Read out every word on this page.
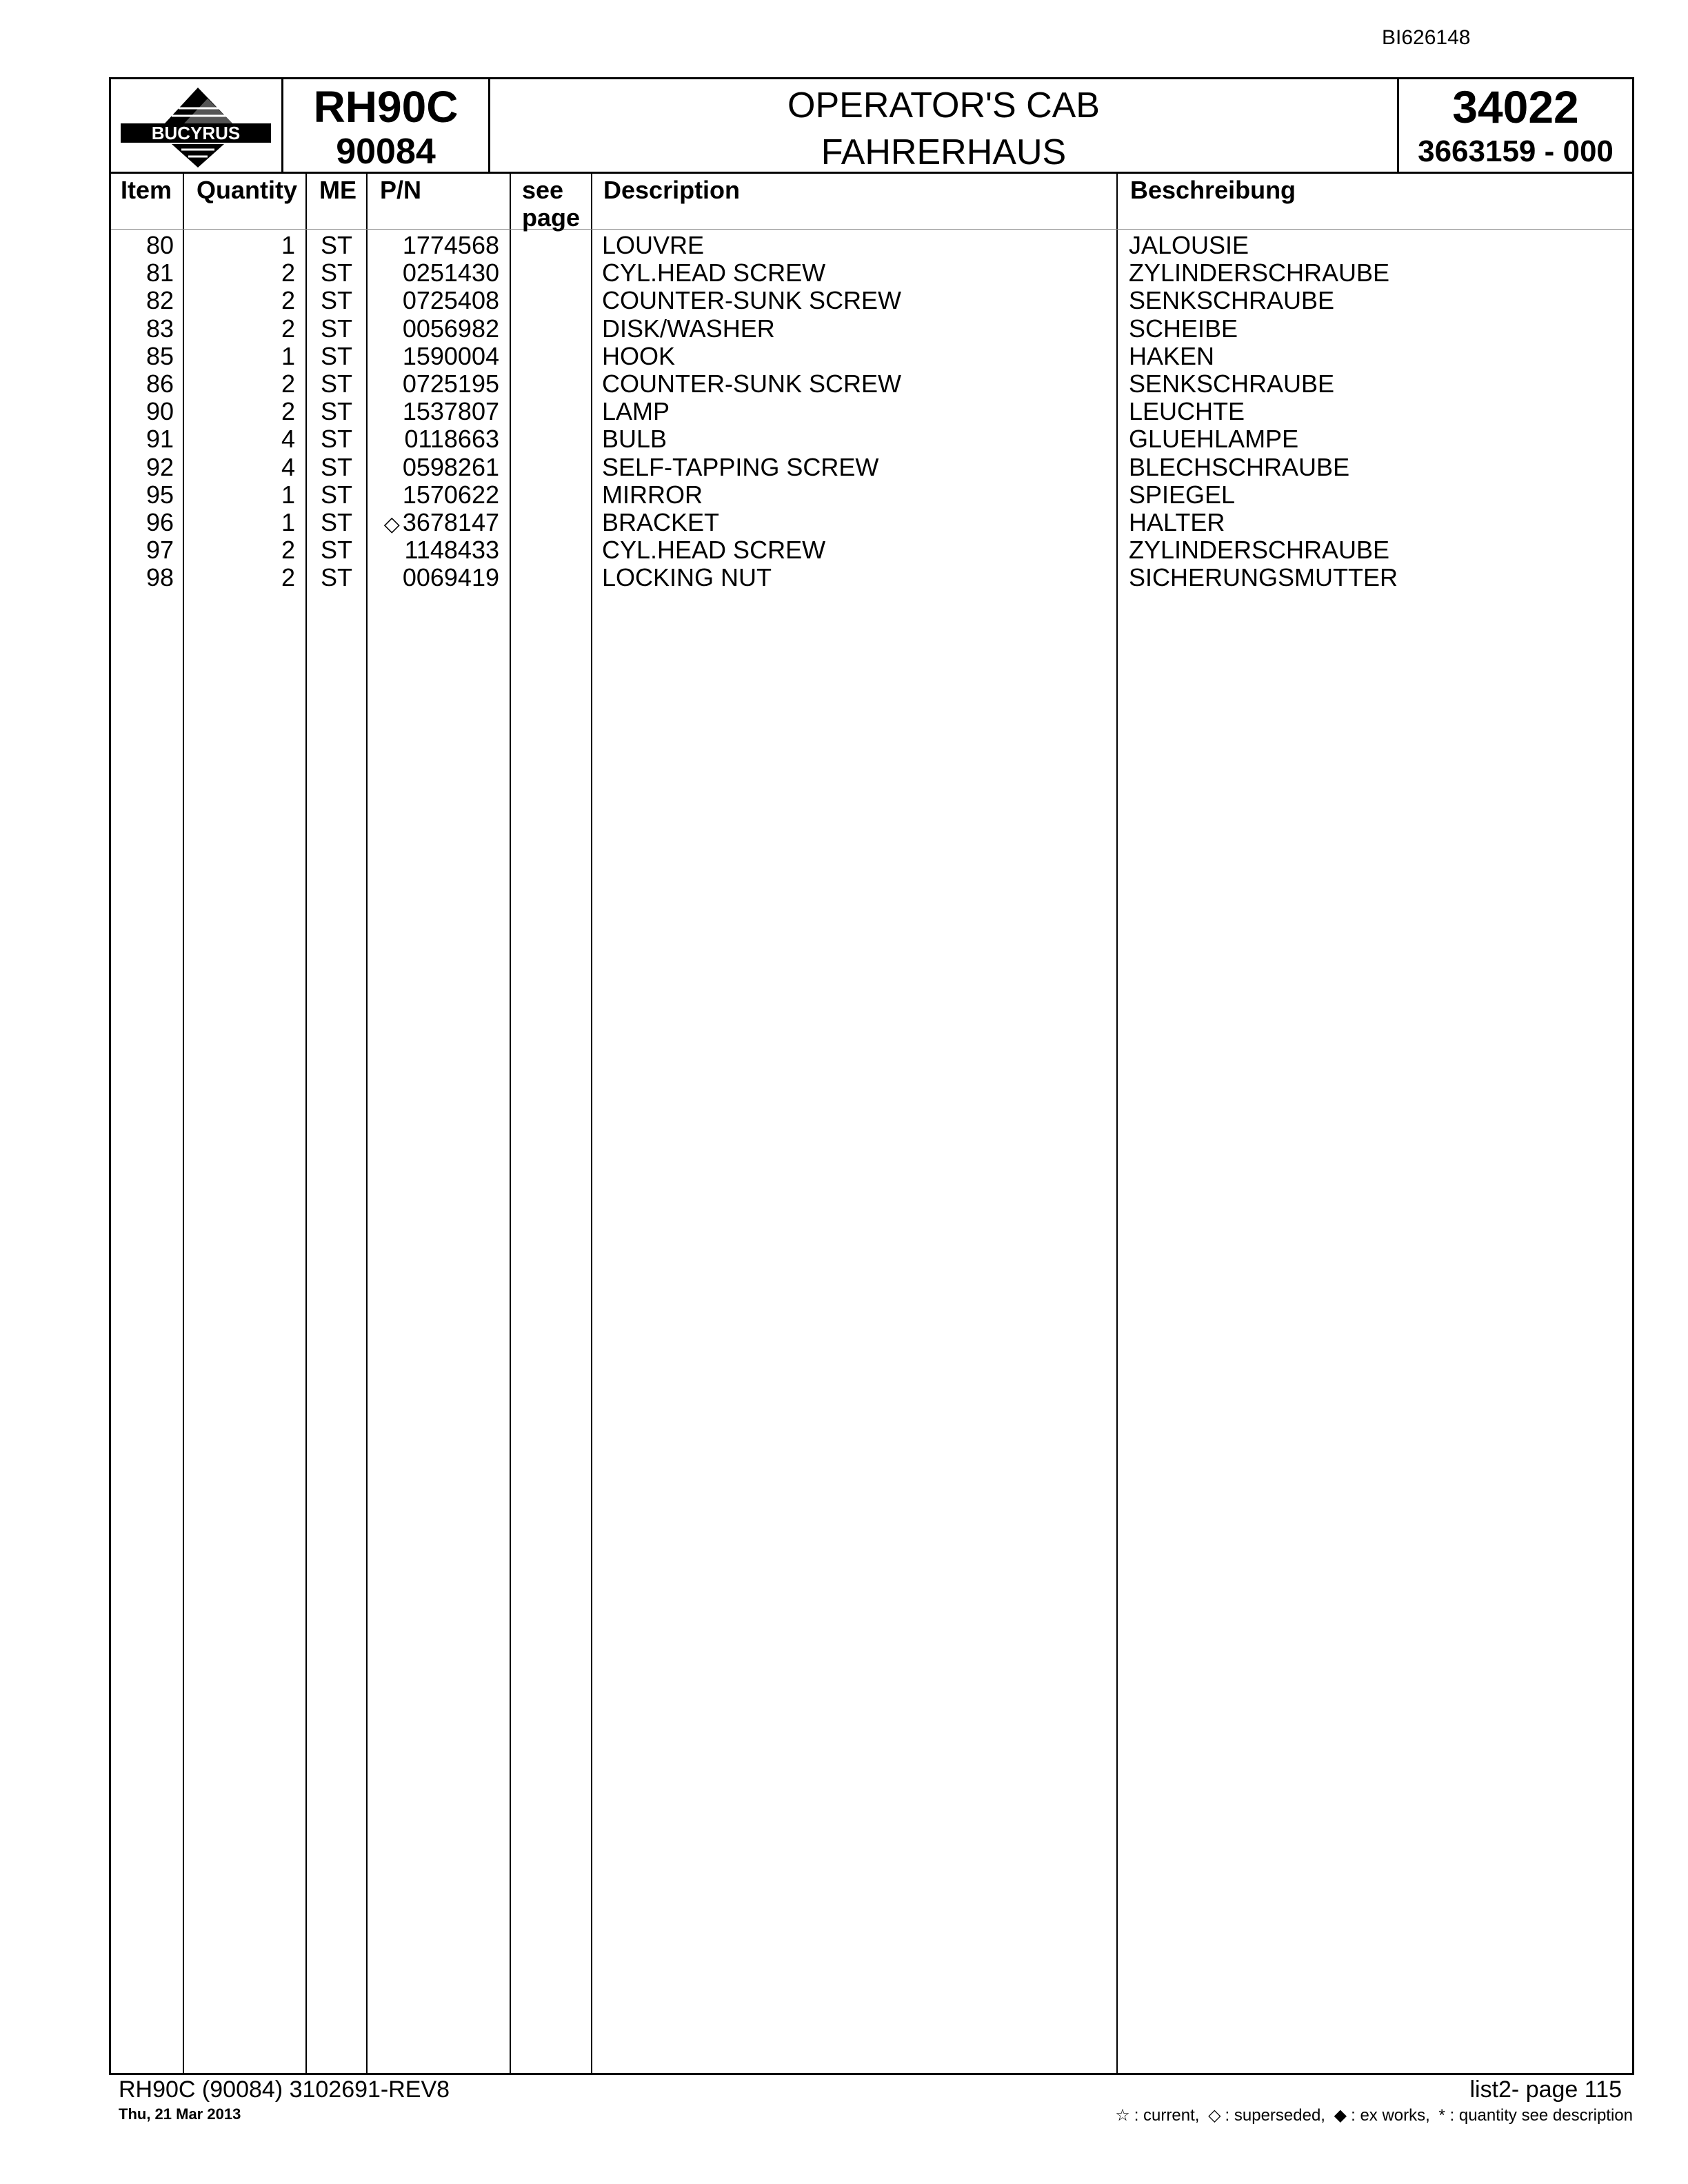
BI626148
BUCYRUS
RH90C
90084
OPERATOR'S CAB
FAHRERHAUS
34022
3663159 - 000
Item Quantity ME P/N	see
page
Description	Beschreibung
80	1 ST 1774568	LOUVRE	JALOUSIE
81	2 ST 0251430	CYL.HEAD SCREW	ZYLINDERSCHRAUBE
82	2 ST 0725408	COUNTER-SUNK SCREW	SENKSCHRAUBE
83	2 ST 0056982	DISK/WASHER	SCHEIBE
85	1 ST 1590004	HOOK	HAKEN
86	2 ST 0725195	COUNTER-SUNK SCREW	SENKSCHRAUBE
90	2 ST 1537807	LAMP	LEUCHTE
91	4 ST 0118663	BULB	GLUEHLAMPE
92	4 ST 0598261	SELF-TAPPING SCREW	BLECHSCHRAUBE
95	1 ST 1570622	MIRROR	SPIEGEL
96	1 ST ◇ 3678147	BRACKET	HALTER
97	2 ST 1148433	CYL.HEAD SCREW	ZYLINDERSCHRAUBE
98	2 ST 0069419	LOCKING NUT	SICHERUNGSMUTTER
RH90C (90084) 3102691-REV8
Thu, 21 Mar 2013
list2- page 115
☆ : current, ◇ : superseded, ◆ : ex works, * : quantity see description
